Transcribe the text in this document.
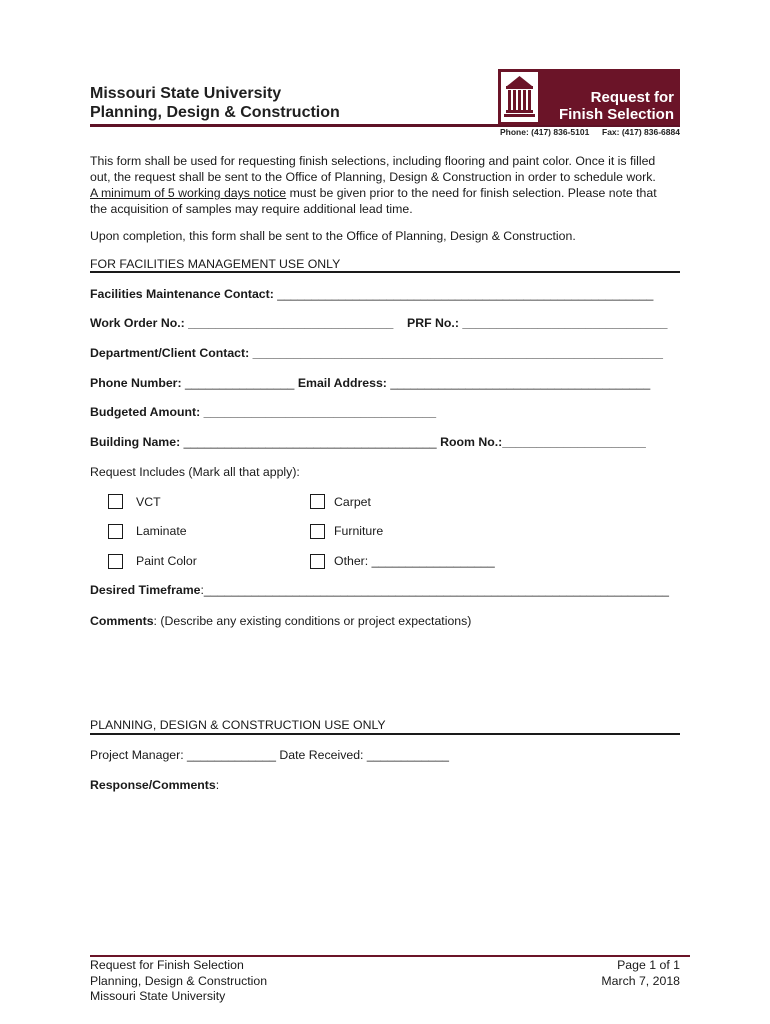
Missouri State University
Planning, Design & Construction
Request for
Finish Selection
Phone: (417) 836-5101 Fax: (417) 836-6884
This form shall be used for requesting finish selections, including flooring and paint color. Once it is filled
out, the request shall be sent to the Office of Planning, Design & Construction in order to schedule work.
A minimum of 5 working days notice must be given prior to the need for finish selection. Please note that
the acquisition of samples may require additional lead time.
Upon completion, this form shall be sent to the Office of Planning, Design & Construction.
FOR FACILITIES MANAGEMENT USE ONLY
Facilities Maintenance Contact: _______________________________________________________
Work Order No.: ______________________________ PRF No.: ______________________________
Department/Client Contact: ____________________________________________________________
Phone Number: ________________ Email Address: ______________________________________
Budgeted Amount: __________________________________
Building Name: _____________________________________ Room No.:_____________________
Request Includes (Mark all that apply):
VCT	Carpet
Laminate	Furniture
Paint Color	Other: __________________
Desired Timeframe:____________________________________________________________________
Comments: (Describe any existing conditions or project expectations)
PLANNING, DESIGN & CONSTRUCTION USE ONLY
Project Manager: _____________ Date Received: ____________
Response/Comments:
Request for Finish Selection
Planning, Design & Construction
Missouri State University
Page 1 of 1
March 7, 2018
